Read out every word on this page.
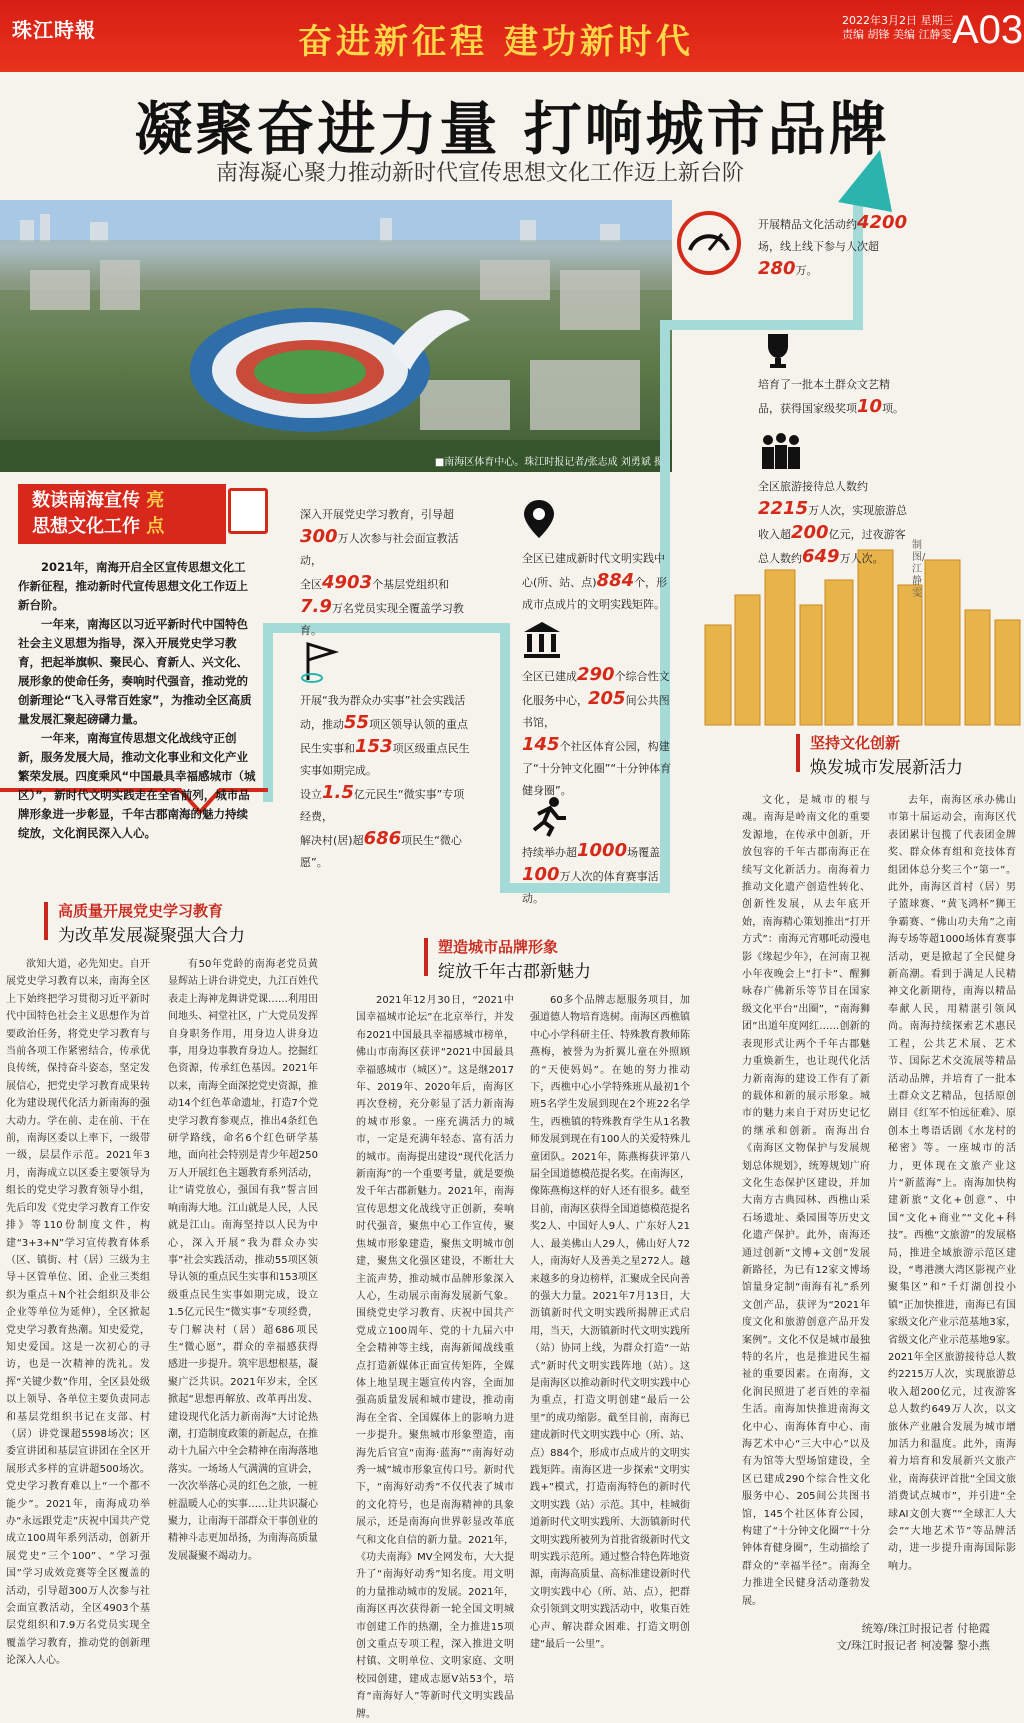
珠江時報	奋进新征程 建功新时代
2022年3月2日 星期三
责编 胡锋 美编 江静雯 A03
凝聚奋进力量 打响城市品牌
南海凝心聚力推动新时代宣传思想文化工作迈上新台阶
■南海区体育中心。珠江时报记者/张志成 刘勇斌 摄
数读南海宣传 亮
思想文化工作 点

2021年，南海开启全区宣传思想文化工作新征程，推动新时代宣传思想文化工作迈上新台阶。

一年来，南海区以习近平新时代中国特色社会主义思想为指导，深入开展党史学习教育，把起举旗帜、聚民心、育新人、兴文化、展形象的使命任务，奏响时代强音，推动党的创新理论“飞入寻常百姓家”，为推动全区高质量发展汇聚起磅礴力量。

一年来，南海宣传思想文化战线守正创新，服务发展大局，推动文化事业和文化产业繁荣发展。四度乘风“中国最具幸福感城市（城区）”，新时代文明实践走在全省前列，城市品牌形象进一步彰显，千年古郡南海的魅力持续绽放，文化润民深入人心。

深入开展党史学习教育，引导超300万人次参与社会面宣教活动，
全区4903个基层党组织和7.9万名党员实现全覆盖学习教育。
开展“我为群众办实事”社会实践活动，推动55项区领导认领的重点民生实事和153项区级重点民生实事如期完成。
设立1.5亿元民生“微实事”专项经费，
解决村(居)超686项民生“微心愿”。
全区已建成新时代文明实践中心(所、站、点)884个，形成市点成片的文明实践矩阵。
全区已建成290个综合性文化服务中心，205间公共图书馆，
145个社区体育公园，构建了“十分钟文化圈”“十分钟体育健身圈”。
持续举办超1000场覆盖100万人次的体育赛事活动。
开展精品文化活动约4200场，线上线下参与人次超280万。
培育了一批本土群众文艺精品，获得国家级奖项10项。
全区旅游接待总人数约2215万人次，实现旅游总收入超200亿元，过夜游客总人数约649万人次。
制图/江静雯
高质量开展党史学习教育
为改革发展凝聚强大合力
塑造城市品牌形象
绽放千年古郡新魅力
坚持文化创新
焕发城市发展新活力

欲知大道，必先知史。自开展党史学习教育以来，南海全区上下始终把学习贯彻习近平新时代中国特色社会主义思想作为首要政治任务，将党史学习教育与当前各项工作紧密结合，传承优良传统，保持奋斗姿态，坚定发展信心，把党史学习教育成果转化为建设现代化活力新南海的强大动力。学在前、走在前、干在前，南海区委以上率下，一级带一级，层层作示范。2021年3月，南海成立以区委主要领导为组长的党史学习教育领导小组，先后印发《党史学习教育工作安排》等110份制度文件，构建“3+3+N”学习宣传教育体系（区、镇街、村（居）三级为主导＋区管单位、团、企业三类组织为重点＋N个社会组织及非公企业等单位为延伸），全区掀起党史学习教育热潮。知史爱党，知史爱国。这是一次初心的寻访，也是一次精神的洗礼。发挥“关键少数”作用，全区县处级以上领导、各单位主要负责同志和基层党组织书记在支部、村（居）讲党课超5598场次；区委宣讲团和基层宣讲团在全区开展形式多样的宣讲超500场次。党史学习教育难以上“一个都不能少”。2021年，南海成功举办“永远跟党走”庆祝中国共产党成立100周年系列活动，创新开展党史“三个100”、“学习强国”学习成效竞赛等全区覆盖的活动，引导超300万人次参与社会面宣教活动，全区4903个基层党组织和7.9万名党员实现全覆盖学习教育，推动党的创新理论深入人心。

有50年党龄的南海老党员黄显辉站上讲台讲党史，九江百姓代表走上海神龙舞讲党课……利用田间地头、祠堂社区，广大党员发挥自身职务作用，用身边人讲身边事，用身边事教育身边人。挖掘红色资源，传承红色基因。2021年以来，南海全面深挖党史资源，推动14个红色革命遗址，打造7个党史学习教育参观点，推出4条红色研学路线，命名6个红色研学基地，面向社会特别是青少年超250万人开展红色主题教育系列活动，让“请党放心，强国有我”誓言回响南海大地。江山就是人民，人民就是江山。南海坚持以人民为中心，深入开展“我为群众办实事”社会实践活动，推动55项区领导认领的重点民生实事和153项区级重点民生实事如期完成，设立1.5亿元民生“微实事”专项经费，专门解决村（居）超686项民生“微心愿”，群众的幸福感获得感进一步提升。筑牢思想根基，凝聚广泛共识。2021年岁末，全区掀起“思想再解放、改革再出发、建设现代化活力新南海”大讨论热潮，打造制度政策的新起点，在推动十九届六中全会精神在南海落地落实。一场场人气满满的宣讲会，一次次举落心灵的红色之旅，一桩桩温暖人心的实事……让共识凝心聚力，让南海干部群众干事创业的精神斗志更加昂扬，为南海高质量发展凝聚不竭动力。

2021年12月30日，“2021中国幸福城市论坛”在北京举行，并发布2021中国最具幸福感城市榜单，佛山市南海区获评“2021中国最具幸福感城市（城区）”。这是继2017年、2019年、2020年后，南海区再次登榜，充分彰显了活力新南海的城市形象。一座充满活力的城市，一定是充满年轻态、富有活力的城市。南海提出建设“现代化活力新南海”的一个重要考量，就是要焕发千年古郡新魅力。2021年，南海宣传思想文化战线守正创新，奏响时代强音，聚焦中心工作宣传，聚焦城市形象建造，聚焦文明城市创建，聚焦文化强区建设，不断壮大主流声势，推动城市品牌形象深入人心，生动展示南海发展新气象。围绕党史学习教育、庆祝中国共产党成立100周年、党的十九届六中全会精神等主线，南海新闻战线重点打造新媒体正面宣传矩阵，全媒体上地呈现主题宣传内容，全面加强高质量发展和城市建设，推动南海在全省、全国媒体上的影响力进一步提升。聚焦城市形象塑造，南海先后官宣“南海·蓝海”“南海好动秀一城”城市形象宣传口号。新时代下，“南海好动秀”不仅代表了城市的文化符号，也是南海精神的具象展示，还是南海向世界彰显改革底气和文化自信的新力量。2021年，《功夫南海》MV全网发布，大大提升了“南海好动秀”知名度。用文明的力量推动城市的发展。2021年，南海区再次获得新一轮全国文明城市创建工作的热潮，全力推进15项创文重点专项工程，深入推进文明村镇、文明单位、文明家庭、文明校园创建，建成志愿V站53个，培育“南海好人”等新时代文明实践品牌。

60多个品牌志愿服务项目，加强道德人物培育选树。南海区西樵镇中心小学科研主任、特殊教育教师陈燕梅，被誉为为折翼儿童在外照顾的“天使妈妈”。在她的努力推动下，西樵中心小学特殊班从最初1个班5名学生发展到现在2个班22名学生，西樵镇的特殊教育学生从1名教师发展到现在有100人的关爱特殊儿童团队。2021年，陈燕梅获评第八届全国道德模范提名奖。在南海区，像陈燕梅这样的好人还有很多。截至目前，南海区获得全国道德模范提名奖2人、中国好人9人、广东好人21人、最美佛山人29人，佛山好人72人，南海好人及善美之星272人。越来越多的身边榜样，汇聚成全民向善的强大力量。2021年7月13日，大沥镇新时代文明实践所揭牌正式启用，当天，大沥镇新时代文明实践所（站）协同上线，为群众打造“一站式”新时代文明实践阵地（站）。这是南海区以推动新时代文明实践中心为重点，打造文明创建“最后一公里”的成功缩影。截至目前，南海已建成新时代文明实践中心（所、站、点）884个，形成市点成片的文明实践矩阵。南海区进一步探索“文明实践+”模式，打造南海特色的新时代文明实践（站）示范。其中，桂城街道新时代文明实践所、大沥镇新时代文明实践所被列为首批省级新时代文明实践示范所。通过整合特色阵地资源，南海高质量、高标准建设新时代文明实践中心（所、站、点），把群众引领到文明实践活动中，收集百姓心声、解决群众困难、打造文明创建“最后一公里”。

文化，是城市的根与魂。南海是岭南文化的重要发源地，在传承中创新，开放包容的千年古郡南海正在续写文化新活力。南海着力推动文化遗产创造性转化、创新性发展，从去年底开始，南海精心策划推出“打开方式”：南海元宵哪吒动漫电影《缘起少年》，在河南卫视小年夜晚会上“打卡”、醒狮咏春广佛新乐等节目在国家级文化平台“出圈”，“南海狮团”出道年度网红……创新的表现形式让两个千年古郡魅力重焕新生，也让现代化活力新南海的建设工作有了新的载体和新的展示形象。城市的魅力来自于对历史记忆的继承和创新。南海出台《南海区文物保护与发展规划总体规划》，统筹规划广府文化生态保护区建设，并加大南方古典园林、西樵山采石场遗址、桑园围等历史文化遗产保护。此外，南海还通过创新“文博+文创”发展新路径，为已有12家文博场馆量身定制“南海有礼”系列文创产品，获评为“2021年度文化和旅游创意产品开发案例”。文化不仅是城市最独特的名片，也是推进民生福祉的重要因素。在南海，文化润民照进了老百姓的幸福生活。南海加快推进南海文化中心、南海体育中心、南海艺术中心“三大中心”以及有为馆等大型场馆建设，全区已建成290个综合性文化服务中心、205间公共图书馆，145个社区体育公园，构建了“十分钟文化圈”“十分钟体育健身圈”，生动描绘了群众的“幸福半径”。南海全力推进全民健身活动蓬勃发展。

去年，南海区承办佛山市第十届运动会，南海区代表团累计包揽了代表团金牌奖、群众体育组和竞技体育组团体总分奖三个“第一”。此外，南海区首村（居）男子篮球赛、“黄飞鸿杯”狮王争霸赛、“佛山功夫角”之南海专场等超1000场体育赛事活动，更是掀起了全民健身新高潮。看到于满足人民精神文化新期待，南海以精品奉献人民，用精湛引领风尚。南海持续探索艺术惠民工程，公共艺术展、艺术节、国际艺术交流展等精品活动品牌，并培育了一批本土群众文艺精品，包括原创剧目《红军不怕远征难》、原创本土粤语话剧《水龙村的秘密》等。一座城市的活力，更体现在文旅产业这片“新蓝海”上。南海加快构建新旅“文化+创意”、中国“文化+商业”“文化+科技”。西樵“文旅游”的发展格局，推进全域旅游示范区建设，“粤港澳大湾区影视产业聚集区”和“千灯湖创投小镇”正加快推进，南海已有国家级文化产业示范基地3家，省级文化产业示范基地9家。2021年全区旅游接待总人数约2215万人次，实现旅游总收入超200亿元，过夜游客总人数约649万人次，以文旅休产业融合发展为城市增加活力和温度。此外，南海着力培育和发展新兴文旅产业，南海获评首批“全国文旅消费试点城市”，并引进“全球AI文创大赛”“全球汇人大会”“大地艺术节”等品牌活动，进一步提升南海国际影响力。

统筹/珠江时报记者 付艳霞
文/珠江时报记者 柯凌馨 黎小燕
